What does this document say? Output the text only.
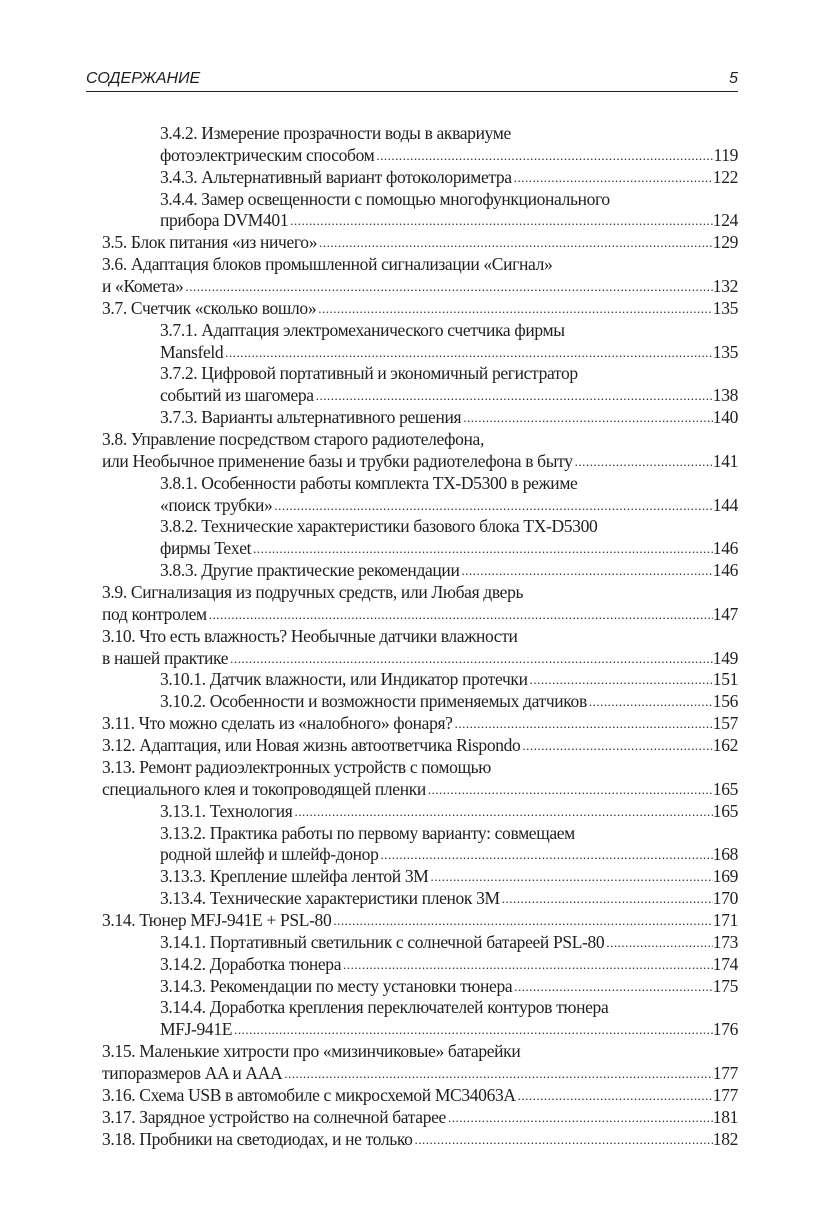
СОДЕРЖАНИЕ	5
3.4.2. Измерение прозрачности воды в аквариуме
фотоэлектрическим способом .....	119
3.4.3. Альтернативный вариант фотоколориметра .....	122
3.4.4. Замер освещенности с помощью многофункционального
прибора DVM401 .....	124
3.5. Блок питания «из ничего» .....	129
3.6. Адаптация блоков промышленной сигнализации «Сигнал»
и «Комета» .....	132
3.7. Счетчик «сколько вошло» .....	135
3.7.1. Адаптация электромеханического счетчика фирмы
Mansfeld .....	135
3.7.2. Цифровой портативный и экономичный регистратор
событий из шагомера .....	138
3.7.3. Варианты альтернативного решения .....	140
3.8. Управление посредством старого радиотелефона,
или Необычное применение базы и трубки радиотелефона в быту .....	141
3.8.1. Особенности работы комплекта TX-D5300 в режиме
«поиск трубки» .....	144
3.8.2. Технические характеристики базового блока TX-D5300
фирмы Texet .....	146
3.8.3. Другие практические рекомендации .....	146
3.9. Сигнализация из подручных средств, или Любая дверь
под контролем .....	147
3.10. Что есть влажность? Необычные датчики влажности
в нашей практике .....	149
3.10.1. Датчик влажности, или Индикатор протечки .....	151
3.10.2. Особенности и возможности применяемых датчиков .....	156
3.11. Что можно сделать из «налобного» фонаря? .....	157
3.12. Адаптация, или Новая жизнь автоответчика Rispondo .....	162
3.13. Ремонт радиоэлектронных устройств с помощью
специального клея и токопроводящей пленки .....	165
3.13.1. Технология .....	165
3.13.2. Практика работы по первому варианту: совмещаем
родной шлейф и шлейф-донор .....	168
3.13.3. Крепление шлейфа лентой 3M .....	169
3.13.4. Технические характеристики пленок 3M .....	170
3.14. Тюнер MFJ-941E + PSL-80 .....	171
3.14.1. Портативный светильник с солнечной батареей PSL-80 .....	173
3.14.2. Доработка тюнера .....	174
3.14.3. Рекомендации по месту установки тюнера .....	175
3.14.4. Доработка крепления переключателей контуров тюнера
MFJ-941E .....	176
3.15. Маленькие хитрости про «мизинчиковые» батарейки
типоразмеров AA и AAA .....	177
3.16. Схема USB в автомобиле с микросхемой MC34063A .....	177
3.17. Зарядное устройство на солнечной батарее .....	181
3.18. Пробники на светодиодах, и не только .....	182
